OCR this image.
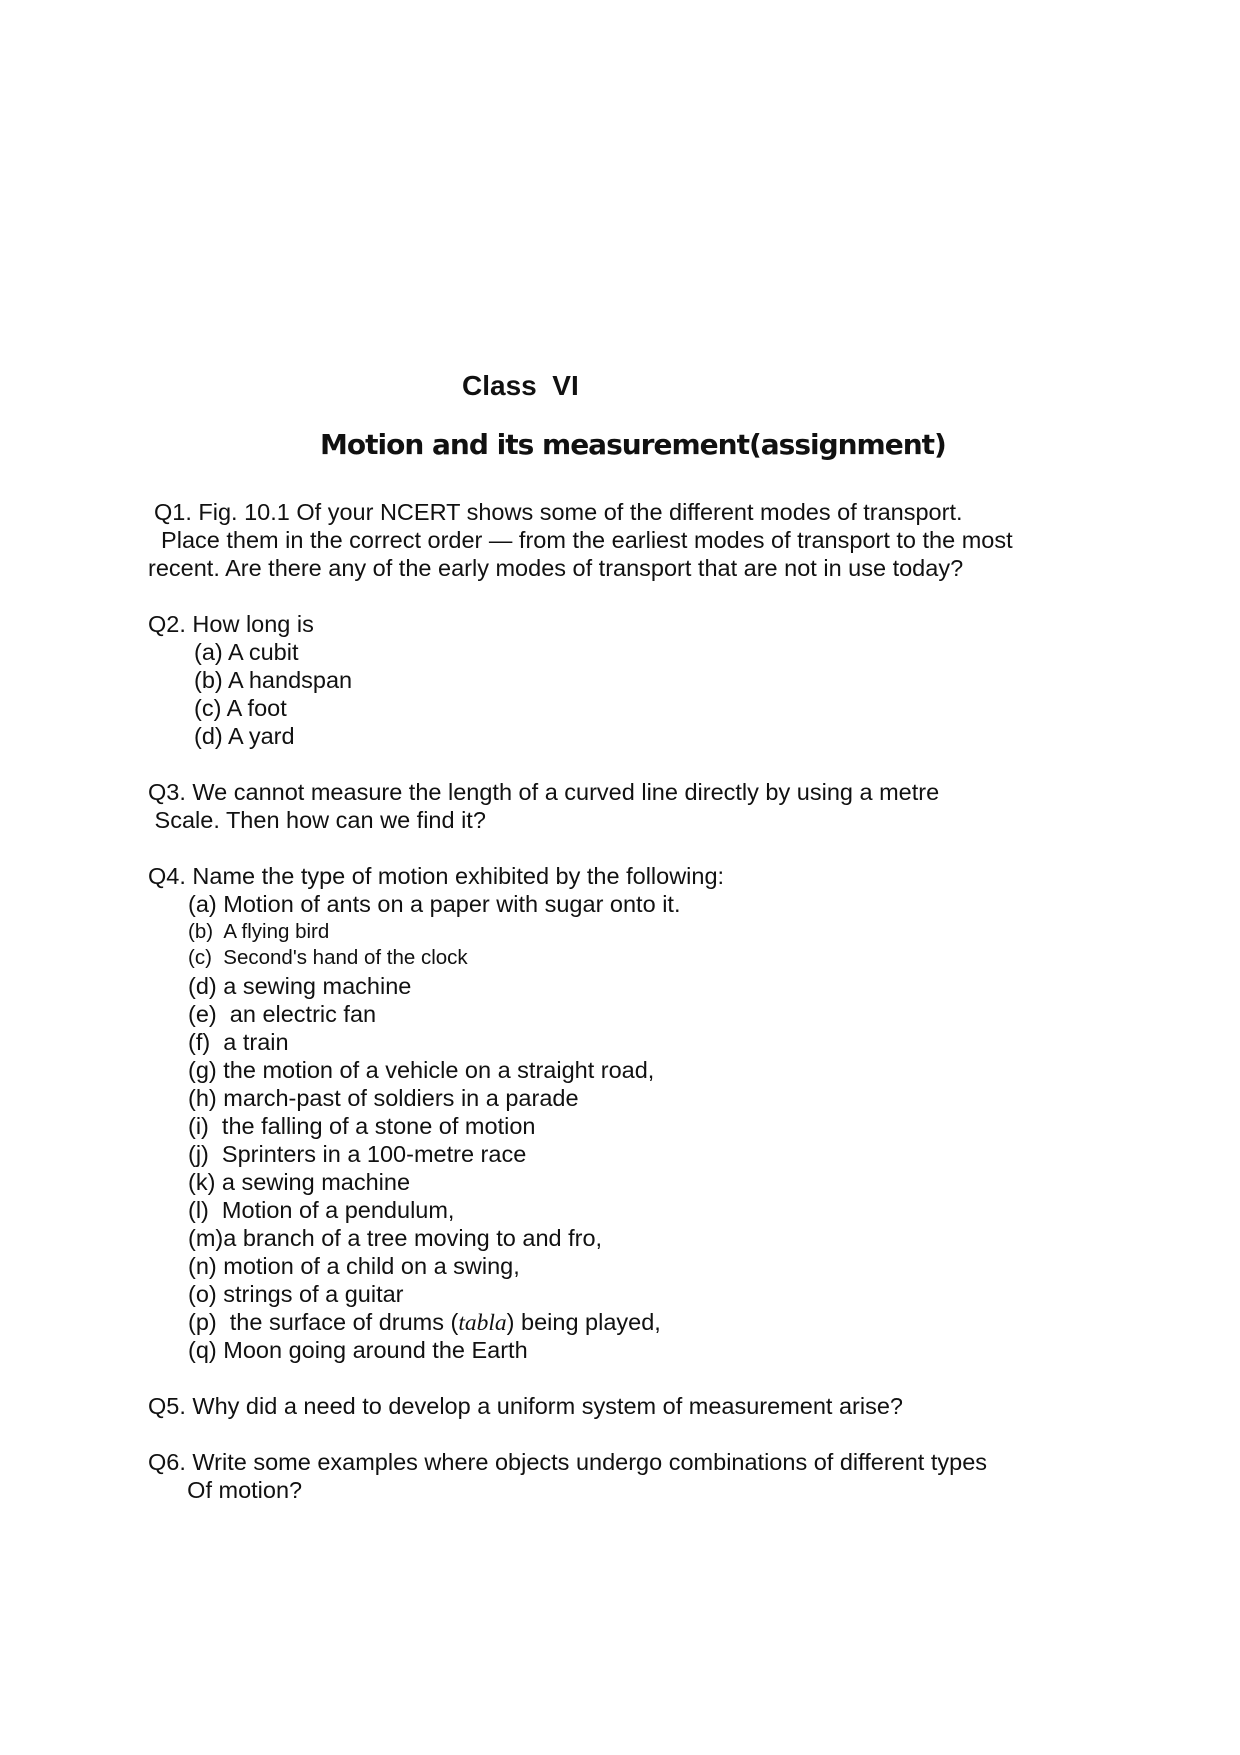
Class  VI
Motion and its measurement(assignment)
Q1. Fig. 10.1 Of your NCERT shows some of the different modes of transport.
Place them in the correct order — from the earliest modes of transport to the most
recent. Are there any of the early modes of transport that are not in use today?
Q2. How long is
(a) A cubit
(b) A handspan
(c) A foot
(d) A yard
Q3. We cannot measure the length of a curved line directly by using a metre
Scale. Then how can we find it?
Q4. Name the type of motion exhibited by the following:
(a) Motion of ants on a paper with sugar onto it.
(b)  A flying bird
(c)  Second's hand of the clock
(d) a sewing machine
(e)  an electric fan
(f)  a train
(g) the motion of a vehicle on a straight road,
(h) march-past of soldiers in a parade
(i)  the falling of a stone of motion
(j)  Sprinters in a 100-metre race
(k) a sewing machine
(l)  Motion of a pendulum,
(m)a branch of a tree moving to and fro,
(n) motion of a child on a swing,
(o) strings of a guitar
(p)  the surface of drums (tabla) being played,
(q) Moon going around the Earth
Q5. Why did a need to develop a uniform system of measurement arise?
Q6. Write some examples where objects undergo combinations of different types
Of motion?
